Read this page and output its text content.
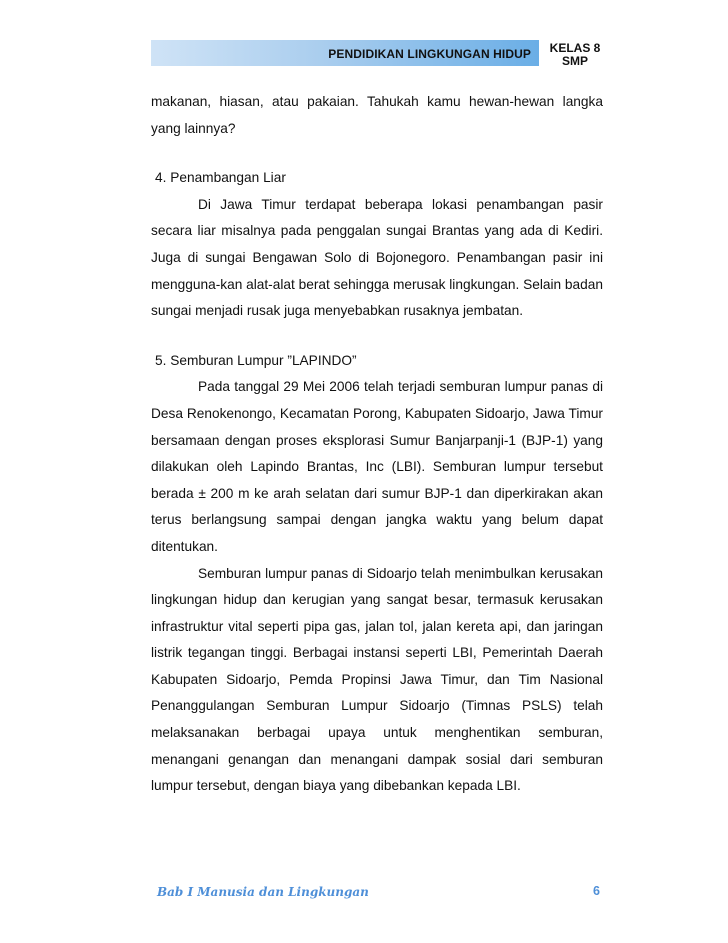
PENDIDIKAN LINGKUNGAN HIDUP	KELAS 8
SMP

makanan, hiasan, atau pakaian. Tahukah kamu hewan-hewan langka yang lainnya?

4. Penambangan Liar

Di Jawa Timur terdapat beberapa lokasi penambangan pasir secara liar misalnya pada penggalan sungai Brantas yang ada di Kediri. Juga di sungai Bengawan Solo di Bojonegoro. Penambangan pasir ini mengguna-kan alat-alat berat sehingga merusak lingkungan. Selain badan sungai menjadi rusak juga menyebabkan rusaknya jembatan.

5. Semburan Lumpur ”LAPINDO”

Pada tanggal 29 Mei 2006 telah terjadi semburan lumpur panas di Desa Renokenongo, Kecamatan Porong, Kabupaten Sidoarjo, Jawa Timur bersamaan dengan proses eksplorasi Sumur Banjarpanji-1 (BJP-1) yang dilakukan oleh Lapindo Brantas, Inc (LBI). Semburan lumpur tersebut berada ± 200 m ke arah selatan dari sumur BJP-1 dan diperkirakan akan terus berlangsung sampai dengan jangka waktu yang belum dapat ditentukan.

Semburan lumpur panas di Sidoarjo telah menimbulkan kerusakan lingkungan hidup dan kerugian yang sangat besar, termasuk kerusakan infrastruktur vital seperti pipa gas, jalan tol, jalan kereta api, dan jaringan listrik tegangan tinggi. Berbagai instansi seperti LBI, Pemerintah Daerah Kabupaten Sidoarjo, Pemda Propinsi Jawa Timur, dan Tim Nasional Penanggulangan Semburan Lumpur Sidoarjo (Timnas PSLS) telah melaksanakan berbagai upaya untuk menghentikan semburan, menangani genangan dan menangani dampak sosial dari semburan lumpur tersebut, dengan biaya yang dibebankan kepada LBI.

Bab I Manusia dan Lingkungan	6
